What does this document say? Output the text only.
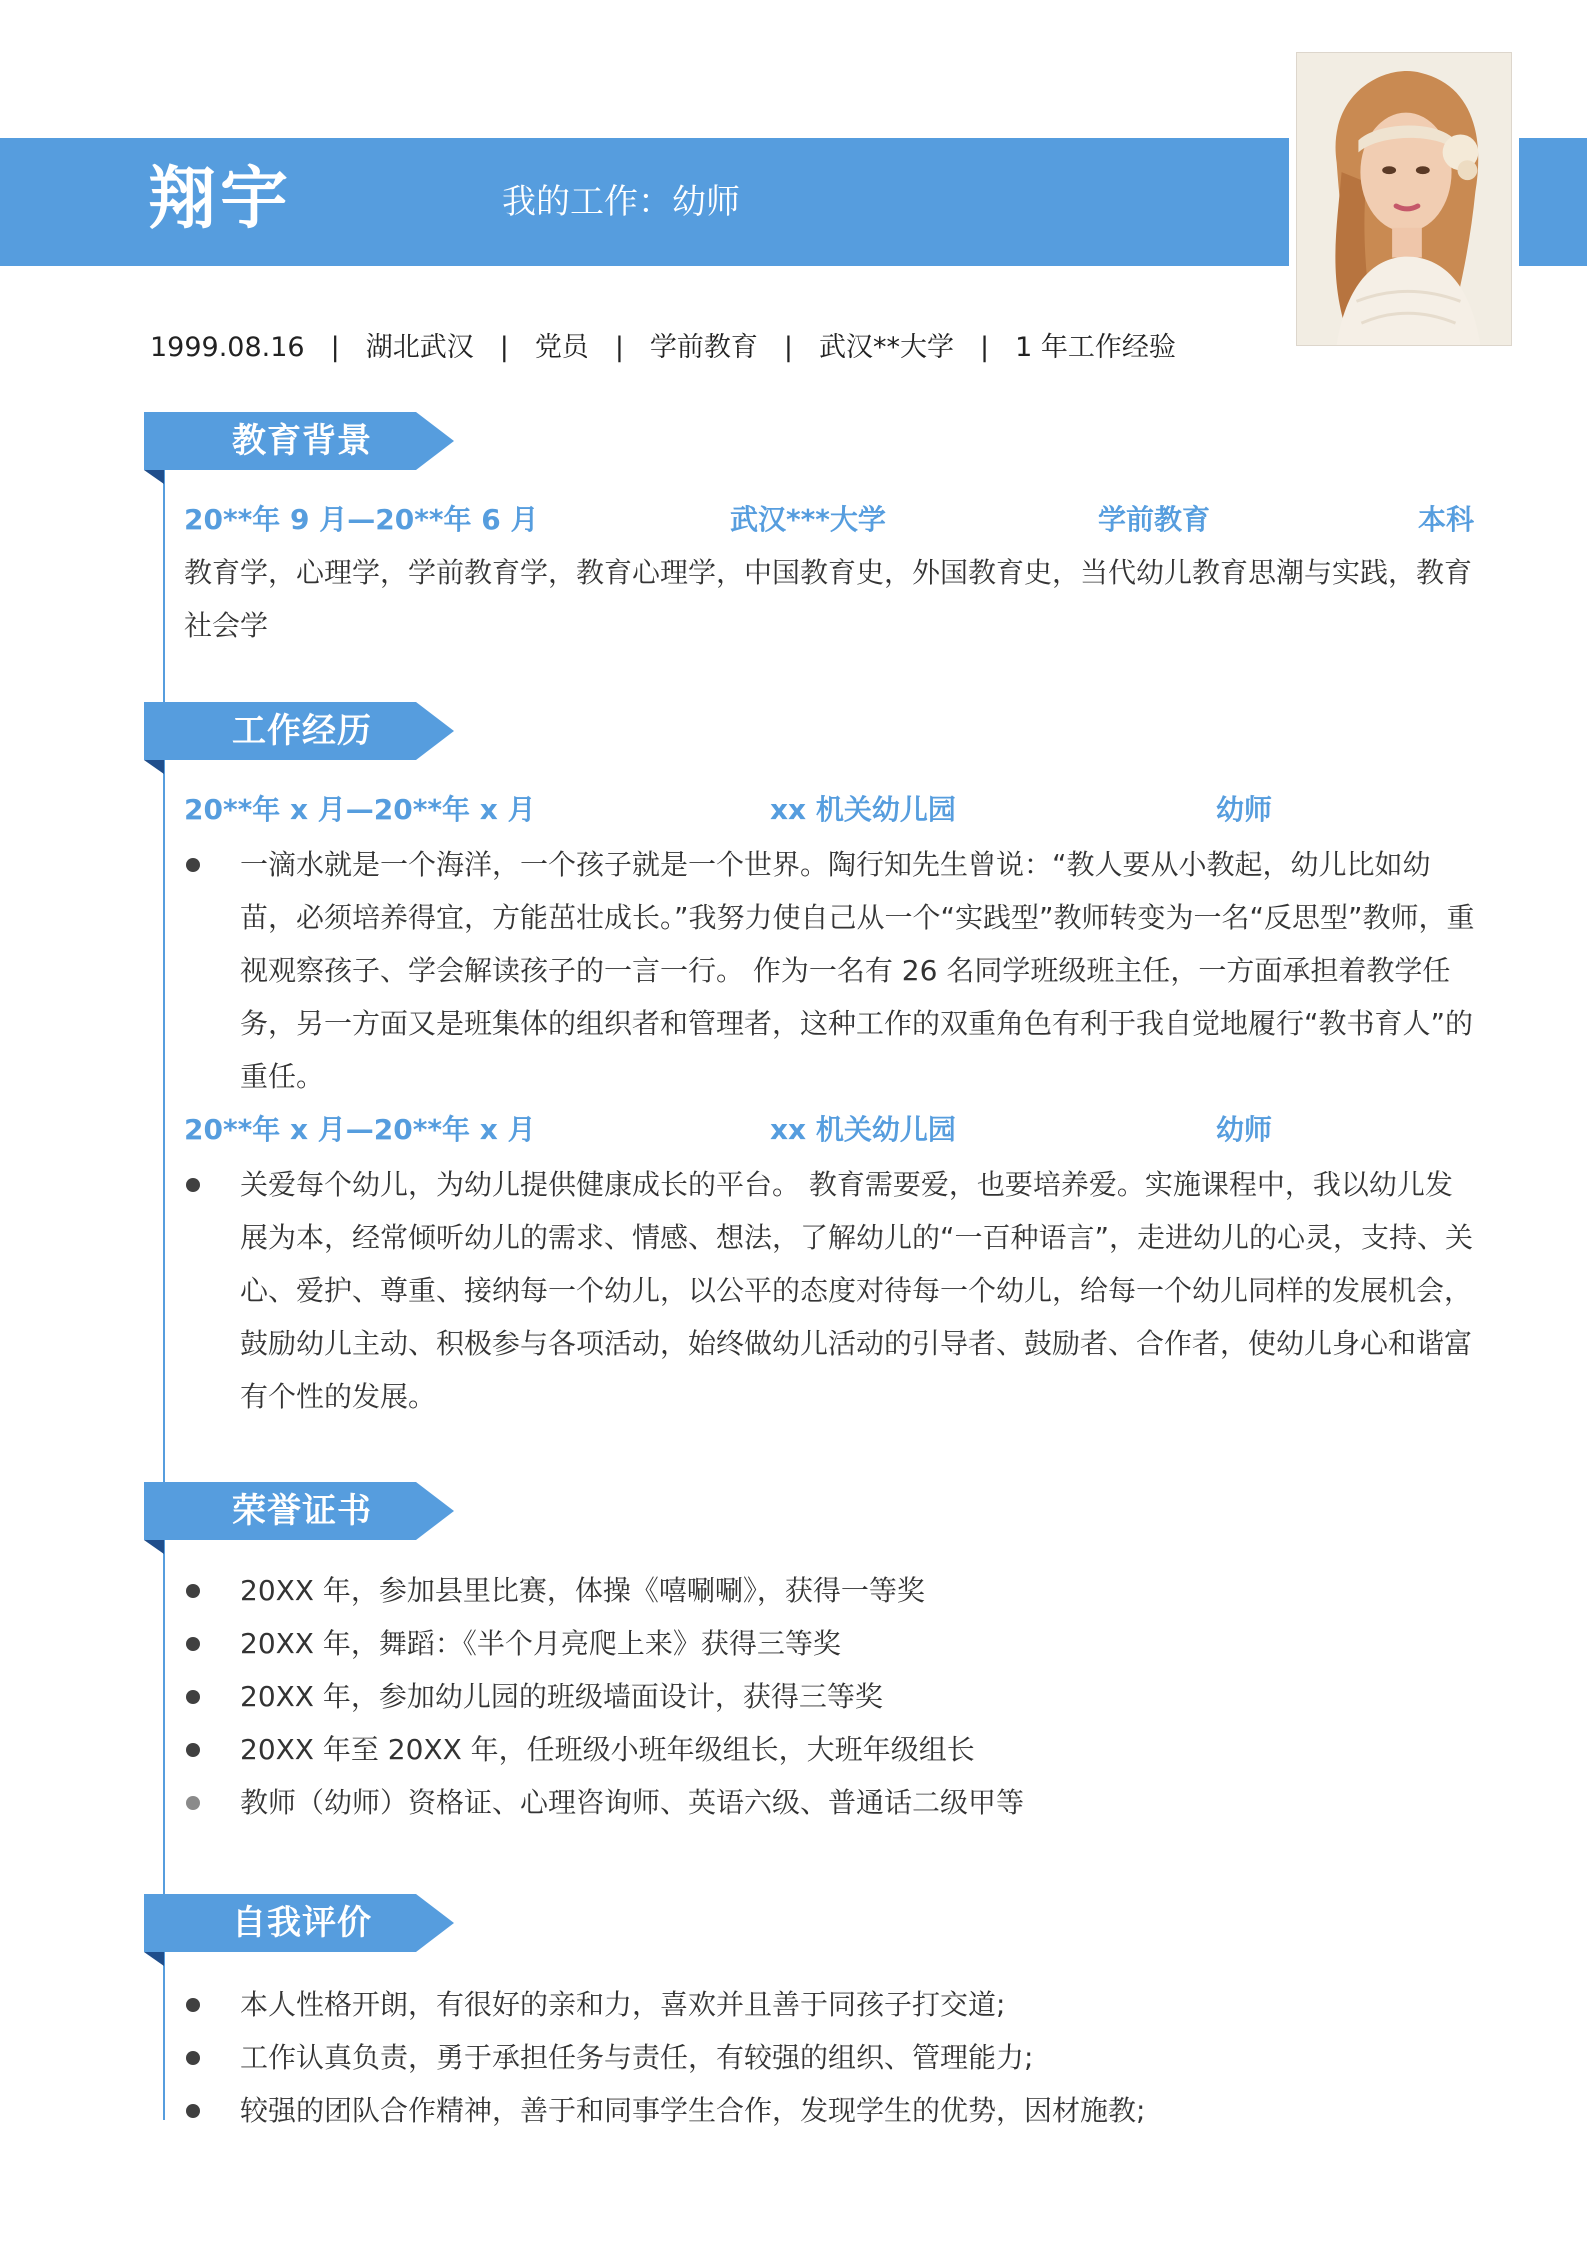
翔宇	我的工作：幼师
1999.08.16 | 湖北武汉 | 党员 | 学前教育 | 武汉**大学 | 1 年工作经验
教育背景
20**年 9 月—20**年 6 月	武汉***大学	学前教育	本科
教育学，心理学，学前教育学，教育心理学，中国教育史，外国教育史，当代幼儿教育思潮与实践，教育社会学
工作经历
20**年 x 月—20**年 x 月	xx 机关幼儿园	幼师
一滴水就是一个海洋，一个孩子就是一个世界。陶行知先生曾说：“教人要从小教起，幼儿比如幼苗，必须培养得宜，方能茁壮成长。”我努力使自己从一个“实践型”教师转变为一名“反思型”教师，重视观察孩子、学会解读孩子的一言一行。 作为一名有 26 名同学班级班主任，一方面承担着教学任务，另一方面又是班集体的组织者和管理者，这种工作的双重角色有利于我自觉地履行“教书育人”的重任。
20**年 x 月—20**年 x 月	xx 机关幼儿园	幼师
关爱每个幼儿，为幼儿提供健康成长的平台。 教育需要爱，也要培养爱。实施课程中，我以幼儿发展为本，经常倾听幼儿的需求、情感、想法，了解幼儿的“一百种语言”，走进幼儿的心灵，支持、关心、爱护、尊重、接纳每一个幼儿，以公平的态度对待每一个幼儿，给每一个幼儿同样的发展机会，鼓励幼儿主动、积极参与各项活动，始终做幼儿活动的引导者、鼓励者、合作者，使幼儿身心和谐富有个性的发展。
荣誉证书
20XX 年，参加县里比赛，体操《嘻唰唰》，获得一等奖
20XX 年，舞蹈：《半个月亮爬上来》获得三等奖
20XX 年，参加幼儿园的班级墙面设计，获得三等奖
20XX 年至 20XX 年，任班级小班年级组长，大班年级组长
教师（幼师）资格证、心理咨询师、英语六级、普通话二级甲等
自我评价
本人性格开朗，有很好的亲和力，喜欢并且善于同孩子打交道;
工作认真负责，勇于承担任务与责任，有较强的组织、管理能力;
较强的团队合作精神，善于和同事学生合作，发现学生的优势，因材施教;
